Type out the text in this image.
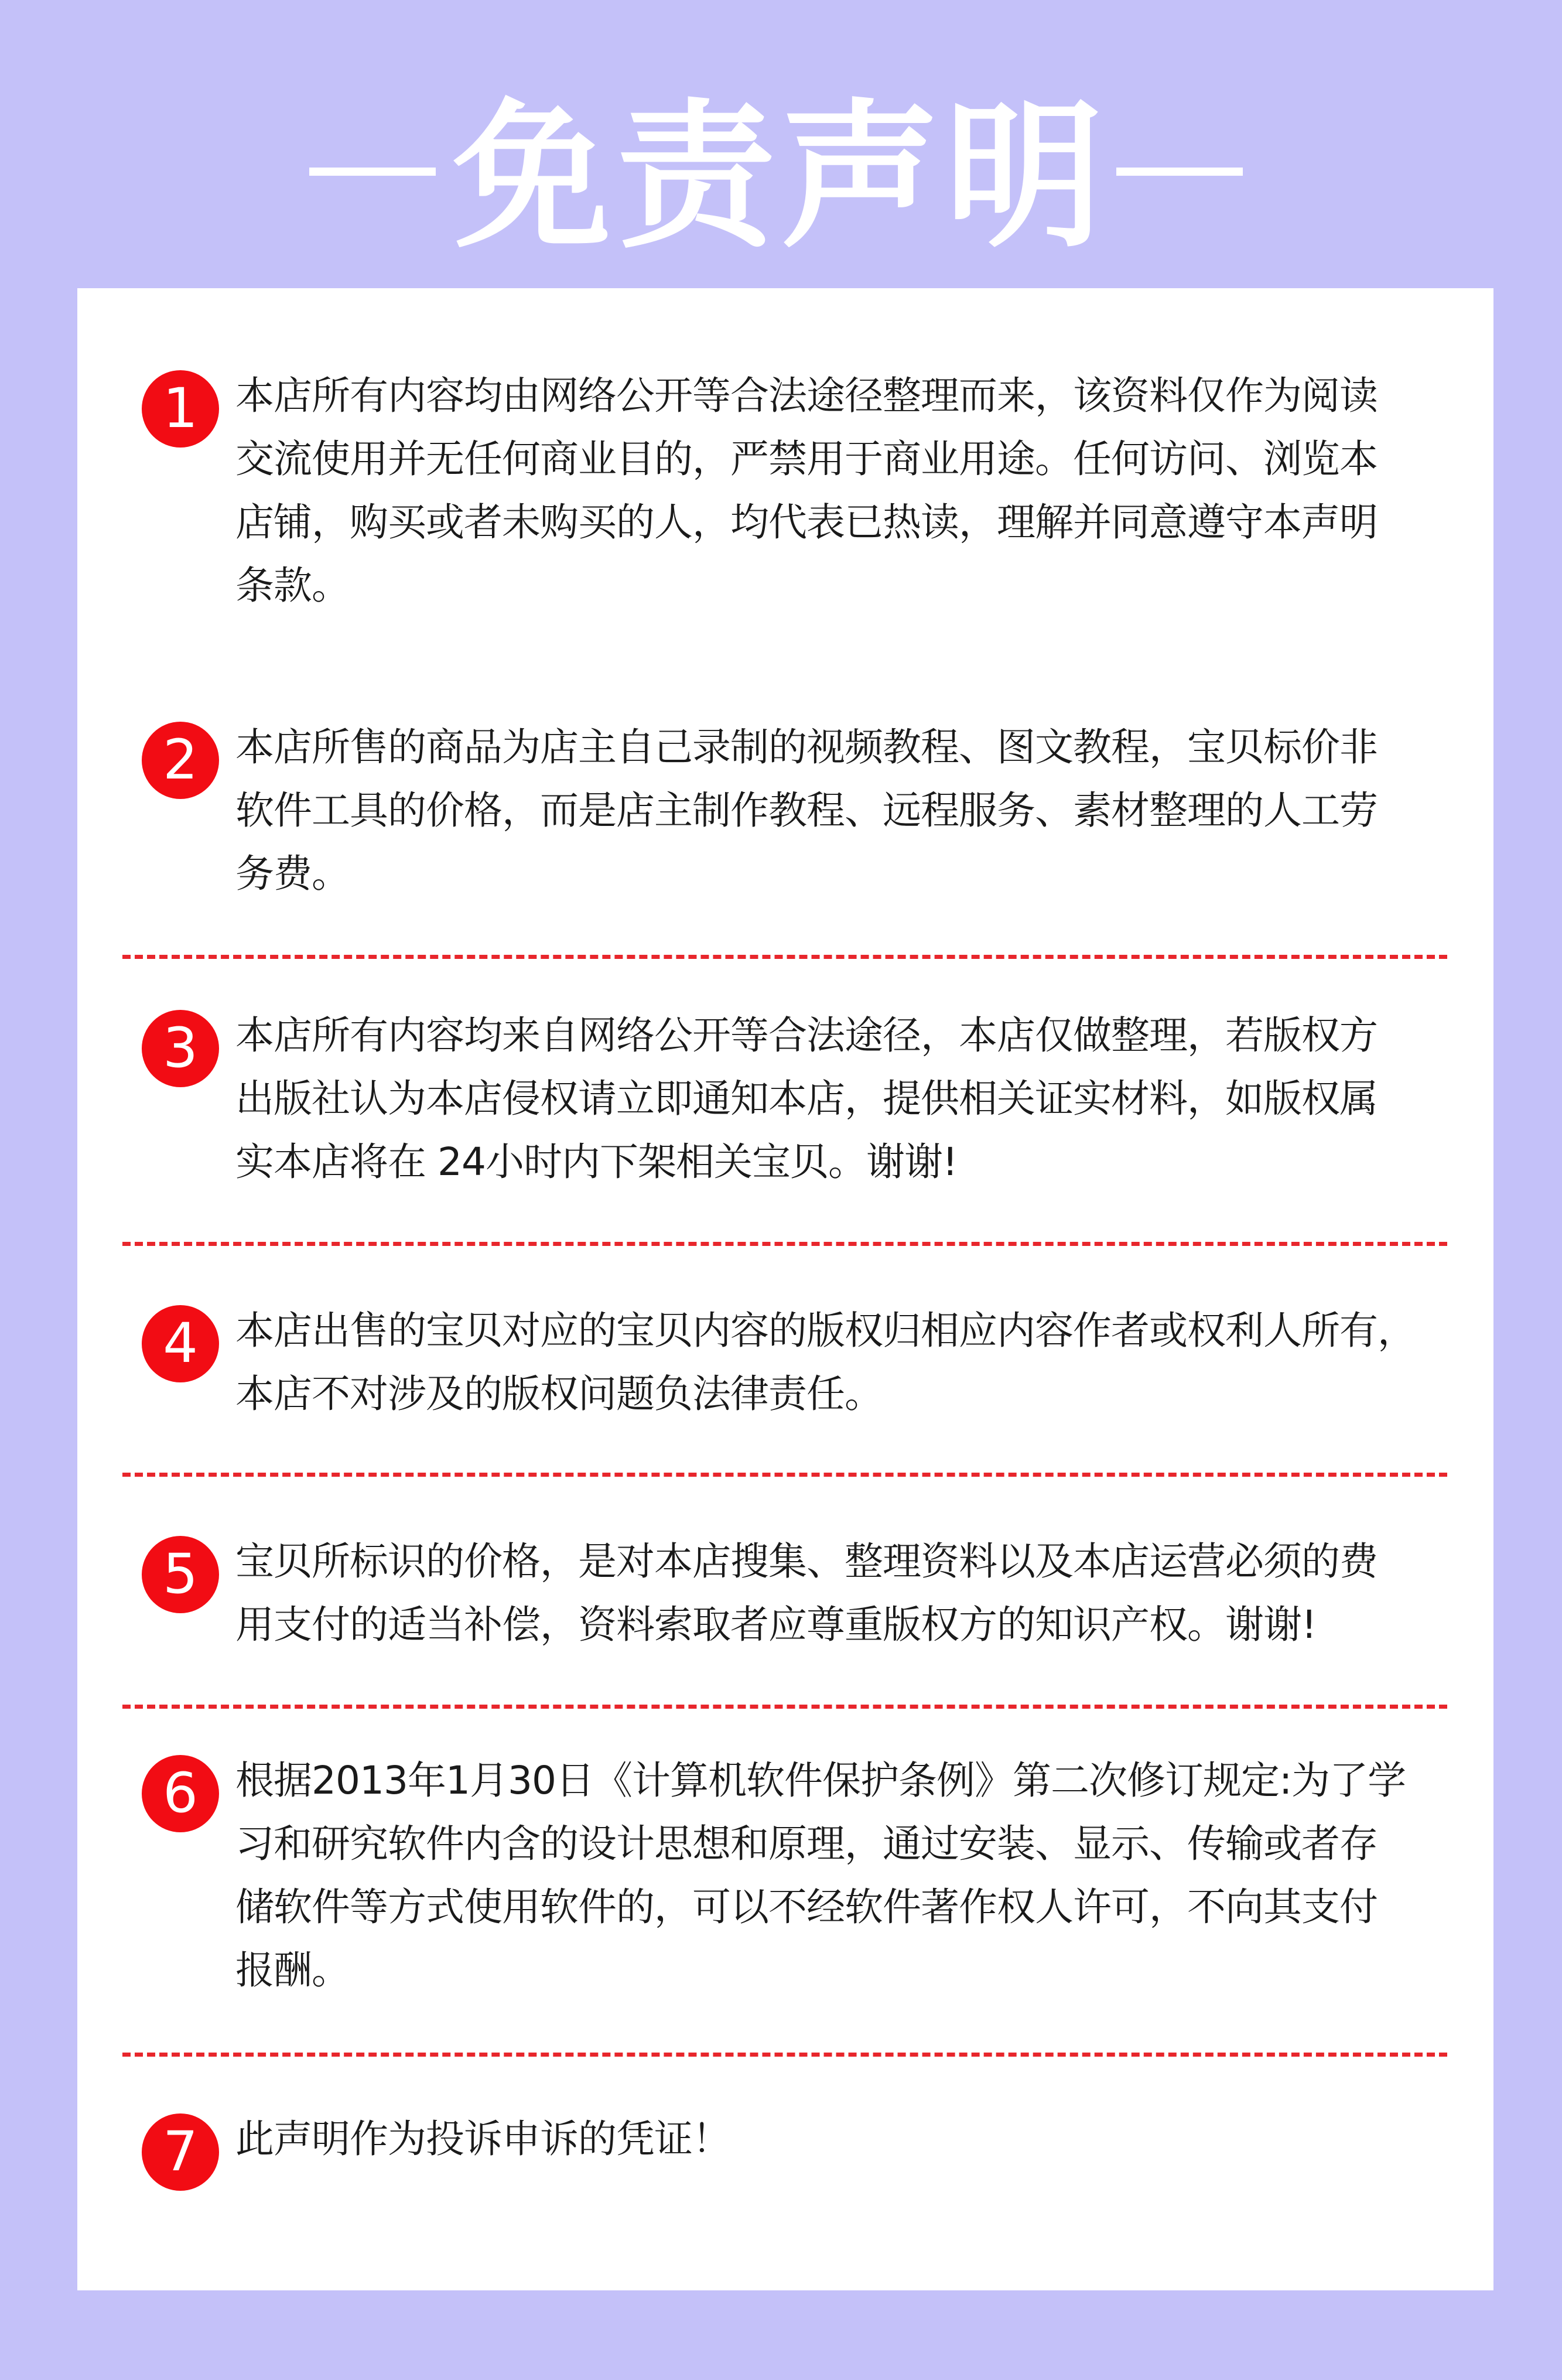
免责声明
1 本店所有内容均由网络公开等合法途径整理而来，该资料仅作为阅读
交流使用并无任何商业目的，严禁用于商业用途。任何访问、浏览本
店铺，购买或者未购买的人，均代表已热读，理解并同意遵守本声明
条款。
2 本店所售的商品为店主自己录制的视频教程、图文教程，宝贝标价非
软件工具的价格，而是店主制作教程、远程服务、素材整理的人工劳
务费。
3 本店所有内容均来自网络公开等合法途径，本店仅做整理，若版权方
出版社认为本店侵权请立即通知本店，提供相关证实材料，如版权属
实本店将在 24小时内下架相关宝贝。谢谢!
4 本店出售的宝贝对应的宝贝内容的版权归相应内容作者或权利人所有，
本店不对涉及的版权问题负法律责任。
5 宝贝所标识的价格，是对本店搜集、整理资料以及本店运营必须的费
用支付的适当补偿，资料索取者应尊重版权方的知识产权。谢谢!
6 根据2013年1月30日《计算机软件保护条例》第二次修订规定:为了学
习和研究软件内含的设计思想和原理，通过安装、显示、传输或者存
储软件等方式使用软件的，可以不经软件著作权人许可，不向其支付
报酬。
7 此声明作为投诉申诉的凭证！
